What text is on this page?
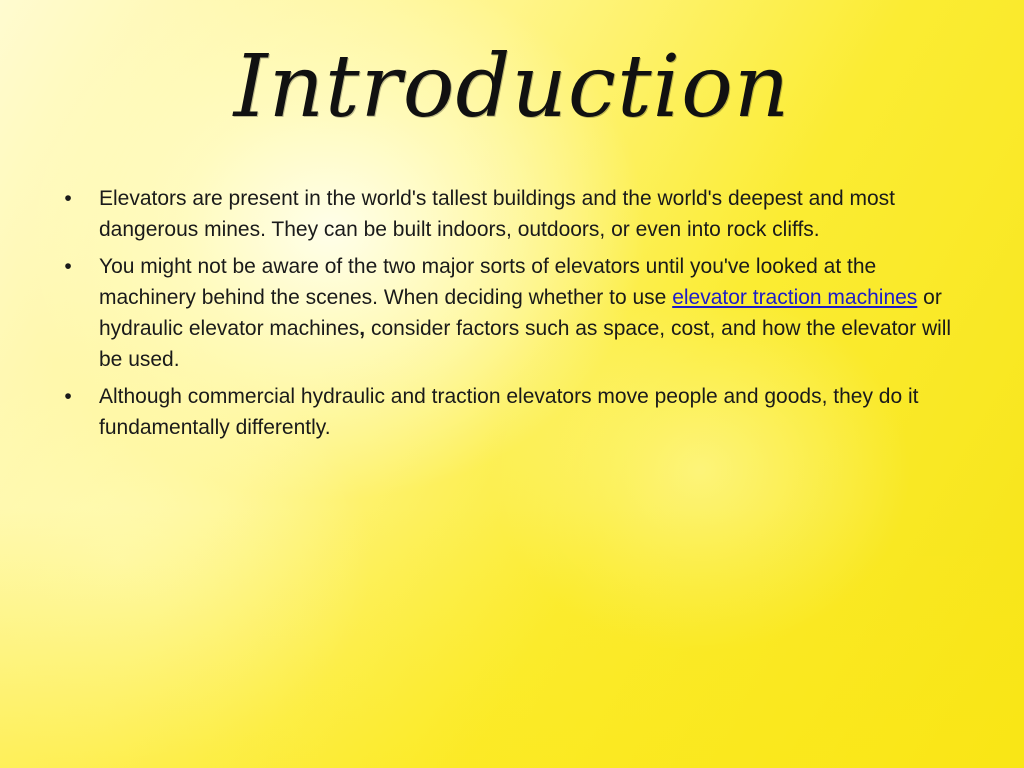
Introduction
•	Elevators are present in the world's tallest buildings and the world's deepest and most dangerous mines. They can be built indoors, outdoors, or even into rock cliffs.
•	You might not be aware of the two major sorts of elevators until you've looked at the machinery behind the scenes. When deciding whether to use elevator traction machines or hydraulic elevator machines, consider factors such as space, cost, and how the elevator will be used.
•	Although commercial hydraulic and traction elevators move people and goods, they do it fundamentally differently.
